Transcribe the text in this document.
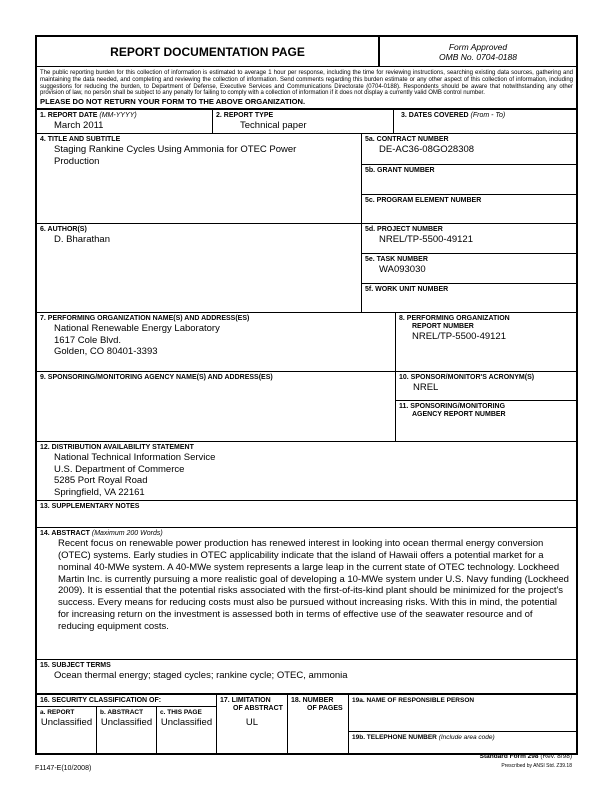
REPORT DOCUMENTATION PAGE	Form Approved
OMB No. 0704-0188
The public reporting burden for this collection of information is estimated to average 1 hour per response, including the time for reviewing instructions, searching existing data sources, gathering and maintaining the data needed, and completing and reviewing the collection of information. Send comments regarding this burden estimate or any other aspect of this collection of information, including suggestions for reducing the burden, to Department of Defense, Executive Services and Communications Directorate (0704-0188). Respondents should be aware that notwithstanding any other provision of law, no person shall be subject to any penalty for failing to comply with a collection of information if it does not display a currently valid OMB control number.
PLEASE DO NOT RETURN YOUR FORM TO THE ABOVE ORGANIZATION.
1. REPORT DATE (MM-YYYY)
March 2011
2. REPORT TYPE
Technical paper
3. DATES COVERED (From - To)
4. TITLE AND SUBTITLE
Staging Rankine Cycles Using Ammonia for OTEC Power Production
5a. CONTRACT NUMBER
DE-AC36-08GO28308
5b. GRANT NUMBER
5c. PROGRAM ELEMENT NUMBER
6. AUTHOR(S)
D. Bharathan
5d. PROJECT NUMBER
NREL/TP-5500-49121
5e. TASK NUMBER
WA093030
5f. WORK UNIT NUMBER
7. PERFORMING ORGANIZATION NAME(S) AND ADDRESS(ES)
National Renewable Energy Laboratory
1617 Cole Blvd.
Golden, CO 80401-3393
8. PERFORMING ORGANIZATION
REPORT NUMBER
NREL/TP-5500-49121
9. SPONSORING/MONITORING AGENCY NAME(S) AND ADDRESS(ES)	10. SPONSOR/MONITOR'S ACRONYM(S)
NREL
11. SPONSORING/MONITORING
AGENCY REPORT NUMBER
12. DISTRIBUTION AVAILABILITY STATEMENT
National Technical Information Service
U.S. Department of Commerce
5285 Port Royal Road
Springfield, VA 22161
13. SUPPLEMENTARY NOTES
14. ABSTRACT (Maximum 200 Words)
Recent focus on renewable power production has renewed interest in looking into ocean thermal energy conversion (OTEC) systems. Early studies in OTEC applicability indicate that the island of Hawaii offers a potential market for a nominal 40-MWe system. A 40-MWe system represents a large leap in the current state of OTEC technology. Lockheed Martin Inc. is currently pursuing a more realistic goal of developing a 10-MWe system under U.S. Navy funding (Lockheed 2009). It is essential that the potential risks associated with the first-of-its-kind plant should be minimized for the project's success. Every means for reducing costs must also be pursued without increasing risks. With this in mind, the potential for increasing return on the investment is assessed both in terms of effective use of the seawater resource and of reducing equipment costs.
15. SUBJECT TERMS
Ocean thermal energy; staged cycles; rankine cycle; OTEC, ammonia
16. SECURITY CLASSIFICATION OF:
a. REPORT
Unclassified
b. ABSTRACT
Unclassified
c. THIS PAGE
Unclassified
17. LIMITATION
OF ABSTRACT
UL
18. NUMBER
OF PAGES
19a. NAME OF RESPONSIBLE PERSON
19b. TELEPHONE NUMBER (Include area code)
Standard Form 298 (Rev. 8/98)
Prescribed by ANSI Std. Z39.18
F1147-E(10/2008)
